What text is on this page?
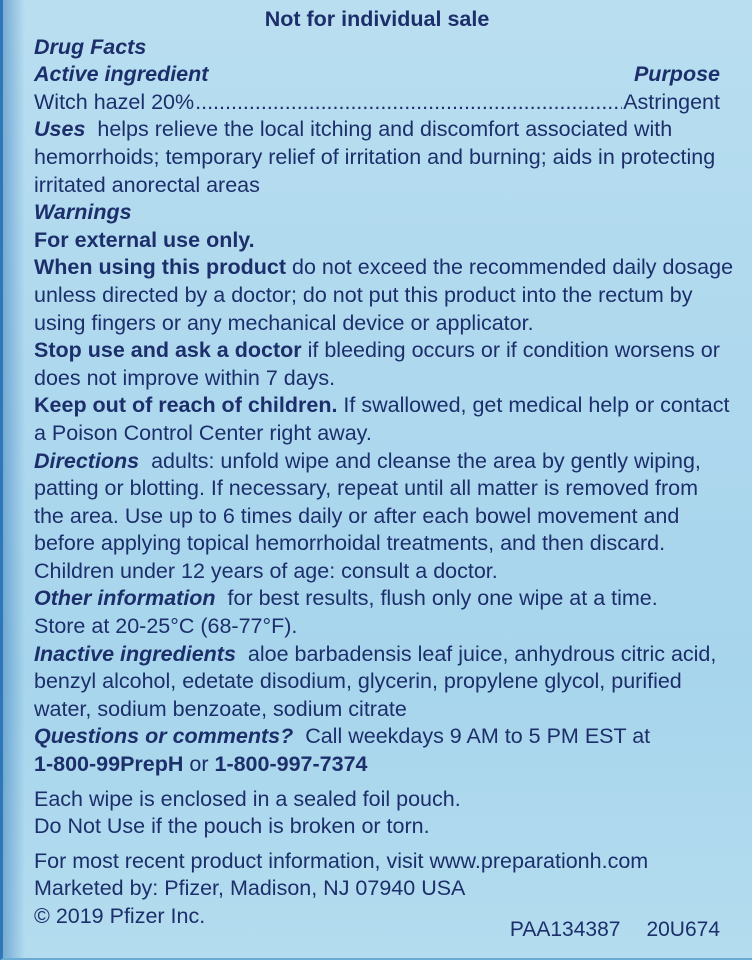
Not for individual sale
Drug Facts
Active ingredient	Purpose
Witch hazel 20%
.....	Astringent
Uses helps relieve the local itching and discomfort associated with
hemorrhoids; temporary relief of irritation and burning; aids in protecting
irritated anorectal areas
Warnings
For external use only.
When using this product do not exceed the recommended daily dosage
unless directed by a doctor; do not put this product into the rectum by
using fingers or any mechanical device or applicator.
Stop use and ask a doctor if bleeding occurs or if condition worsens or
does not improve within 7 days.
Keep out of reach of children. If swallowed, get medical help or contact
a Poison Control Center right away.
Directions adults: unfold wipe and cleanse the area by gently wiping,
patting or blotting. If necessary, repeat until all matter is removed from
the area. Use up to 6 times daily or after each bowel movement and
before applying topical hemorrhoidal treatments, and then discard.
Children under 12 years of age: consult a doctor.
Other information for best results, flush only one wipe at a time.
Store at 20-25°C (68-77°F).
Inactive ingredients aloe barbadensis leaf juice, anhydrous citric acid,
benzyl alcohol, edetate disodium, glycerin, propylene glycol, purified
water, sodium benzoate, sodium citrate
Questions or comments? Call weekdays 9 AM to 5 PM EST at
1-800-99PrepH or 1-800-997-7374
Each wipe is enclosed in a sealed foil pouch.
Do Not Use if the pouch is broken or torn.
For most recent product information, visit www.preparationh.com
Marketed by: Pfizer, Madison, NJ 07940 USA
© 2019 Pfizer Inc.
PAA134387 20U674
